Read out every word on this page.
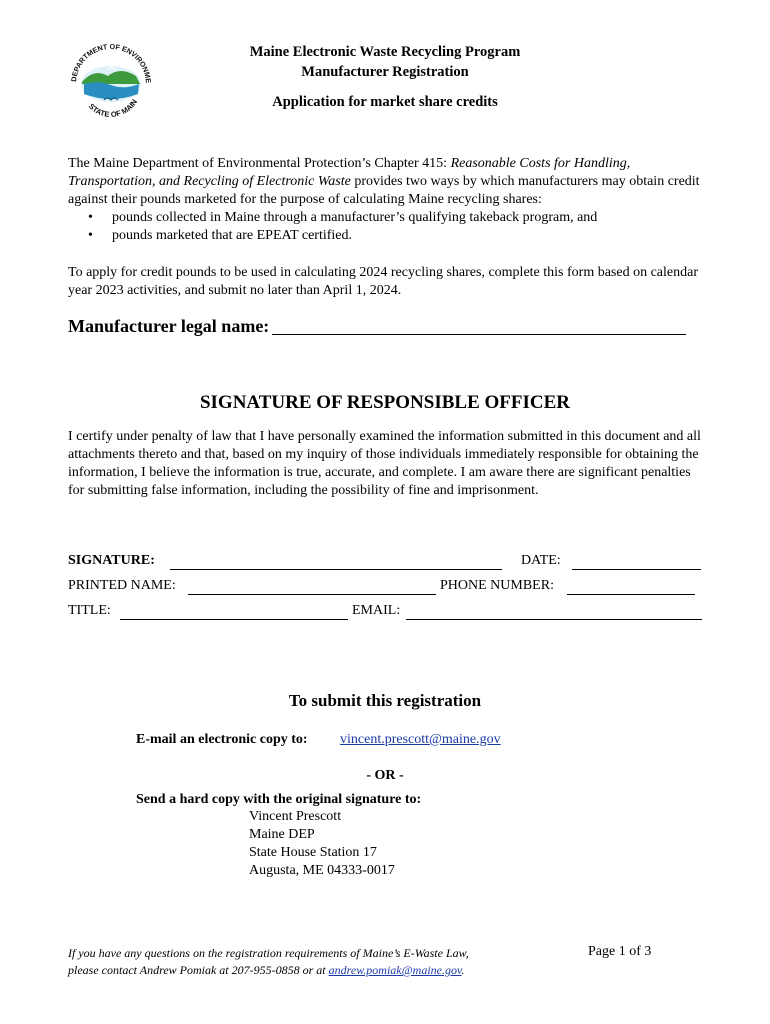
DEPARTMENT OF ENVIRONME
STATE OF MAIN
Maine Electronic Waste Recycling Program
Manufacturer Registration
Application for market share credits
The Maine Department of Environmental Protection’s Chapter 415: Reasonable Costs for Handling, Transportation, and Recycling of Electronic Waste provides two ways by which manufacturers may obtain credit against their pounds marketed for the purpose of calculating Maine recycling shares:
• pounds collected in Maine through a manufacturer’s qualifying takeback program, and
• pounds marketed that are EPEAT certified.
To apply for credit pounds to be used in calculating 2024 recycling shares, complete this form based on calendar year 2023 activities, and submit no later than April 1, 2024.
Manufacturer legal name:
SIGNATURE OF RESPONSIBLE OFFICER
I certify under penalty of law that I have personally examined the information submitted in this document and all attachments thereto and that, based on my inquiry of those individuals immediately responsible for obtaining the information, I believe the information is true, accurate, and complete. I am aware there are significant penalties for submitting false information, including the possibility of fine and imprisonment.
SIGNATURE:	DATE:
PRINTED NAME:	PHONE NUMBER:
TITLE:	EMAIL:
To submit this registration
E-mail an electronic copy to: vincent.prescott@maine.gov
- OR -
Send a hard copy with the original signature to:
Vincent Prescott
Maine DEP
State House Station 17
Augusta, ME 04333-0017
If you have any questions on the registration requirements of Maine’s E-Waste Law,
please contact Andrew Pomiak at 207-955-0858 or at andrew.pomiak@maine.gov.
Page 1 of 3
